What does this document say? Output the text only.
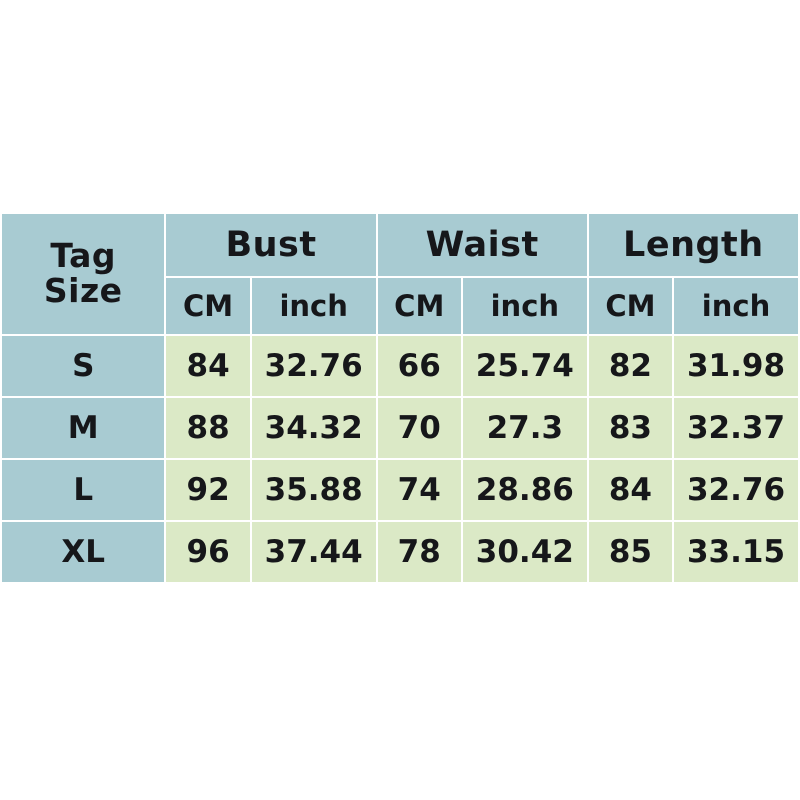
Tag
Size	Bust		Waist		Length	
	CM	inch	CM	inch	CM	inch
S	84	32.76	66	25.74	82	31.98
M	88	34.32	70	27.3	83	32.37
L	92	35.88	74	28.86	84	32.76
XL	96	37.44	78	30.42	85	33.15
